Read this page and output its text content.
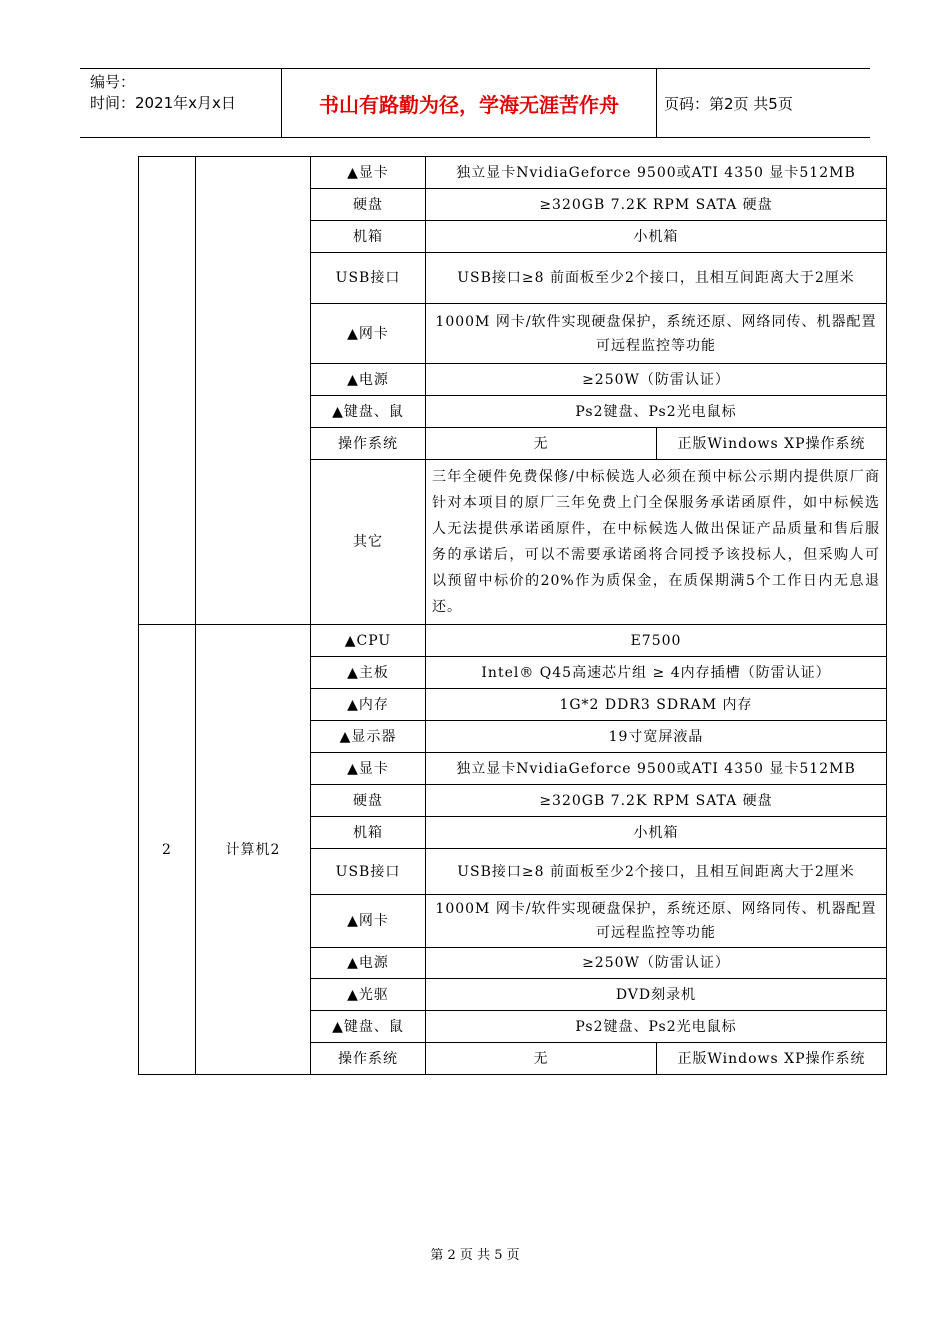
编号：
时间：2021年x月x日	书山有路勤为径，学海无涯苦作舟	页码：第2页 共5页
		▲显卡	独立显卡NvidiaGeforce 9500或ATI 4350 显卡512MB	
		硬盘	≥320GB 7.2K RPM SATA 硬盘	
		机箱	小机箱	
		USB接口	USB接口≥8 前面板至少2个接口，且相互间距离大于2厘米	
		▲网卡	1000M 网卡/软件实现硬盘保护，系统还原、网络同传、机器配置可远程监控等功能	
		▲电源	≥250W（防雷认证）	
		▲键盘、鼠	Ps2键盘、Ps2光电鼠标	
		操作系统	无	正版Windows XP操作系统
		其它	三年全硬件免费保修/中标候选人必须在预中标公示期内提供原厂商针对本项目的原厂三年免费上门全保服务承诺函原件，如中标候选人无法提供承诺函原件，在中标候选人做出保证产品质量和售后服务的承诺后，可以不需要承诺函将合同授予该投标人，但采购人可以预留中标价的20%作为质保金，在质保期满5个工作日内无息退还。	
2	计算机2	▲CPU	E7500	
		▲主板	Intel® Q45高速芯片组 ≥ 4内存插槽（防雷认证）	
		▲内存	1G*2 DDR3 SDRAM 内存	
		▲显示器	19寸宽屏液晶	
		▲显卡	独立显卡NvidiaGeforce 9500或ATI 4350 显卡512MB	
		硬盘	≥320GB 7.2K RPM SATA 硬盘	
		机箱	小机箱	
		USB接口	USB接口≥8 前面板至少2个接口，且相互间距离大于2厘米	
		▲网卡	1000M 网卡/软件实现硬盘保护，系统还原、网络同传、机器配置可远程监控等功能	
		▲电源	≥250W（防雷认证）	
		▲光驱	DVD刻录机	
		▲键盘、鼠	Ps2键盘、Ps2光电鼠标	
		操作系统	无	正版Windows XP操作系统
第 2 页 共 5 页
